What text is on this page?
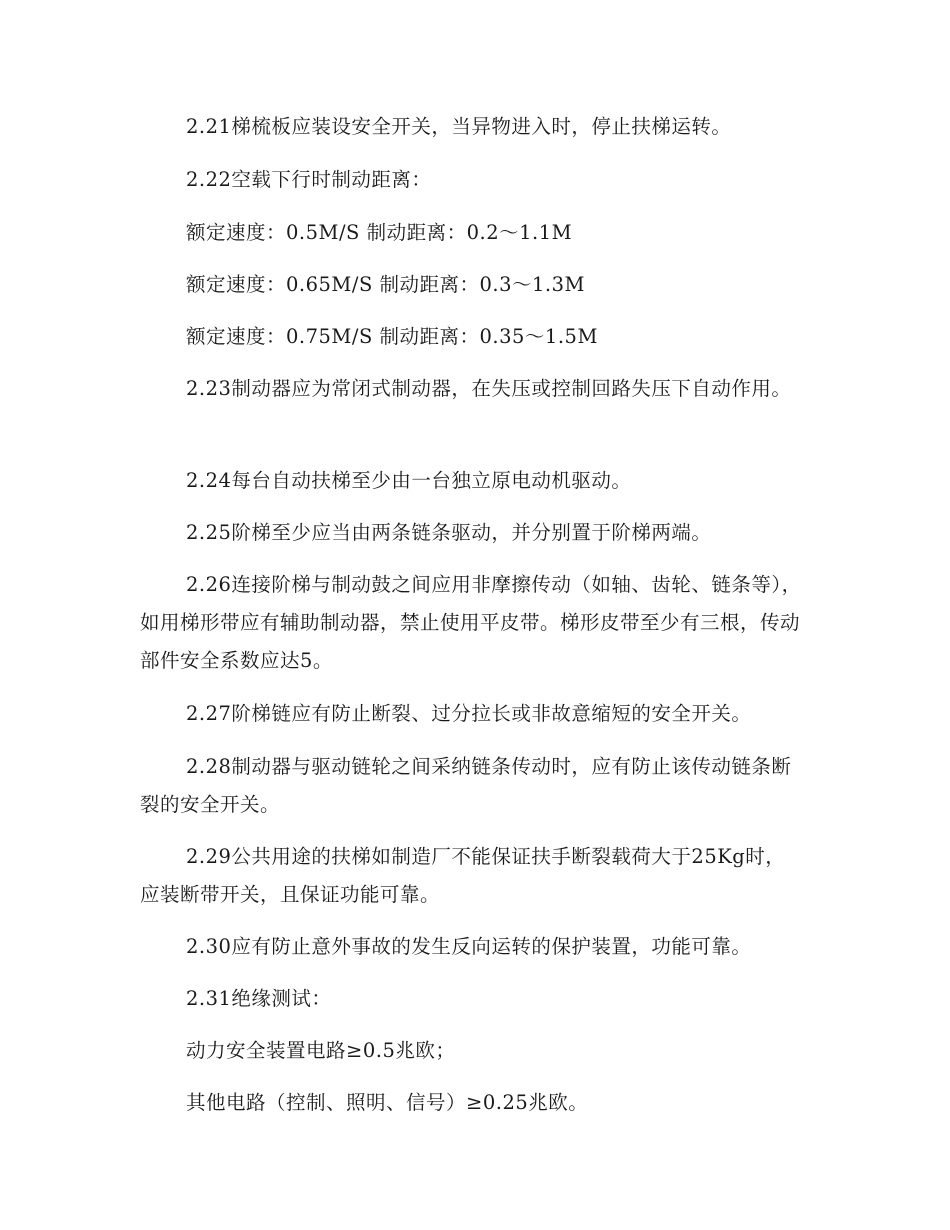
2.21梯梳板应装设安全开关，当异物进入时，停止扶梯运转。

2.22空载下行时制动距离：

额定速度：0.5M/S 制动距离：0.2～1.1M

额定速度：0.65M/S 制动距离：0.3～1.3M

额定速度：0.75M/S 制动距离：0.35～1.5M

2.23制动器应为常闭式制动器，在失压或控制回路失压下自动作用。

2.24每台自动扶梯至少由一台独立原电动机驱动。

2.25阶梯至少应当由两条链条驱动，并分别置于阶梯两端。

2.26连接阶梯与制动鼓之间应用非摩擦传动（如轴、齿轮、链条等），如用梯形带应有辅助制动器，禁止使用平皮带。梯形皮带至少有三根，传动部件安全系数应达5。

2.27阶梯链应有防止断裂、过分拉长或非故意缩短的安全开关。

2.28制动器与驱动链轮之间采纳链条传动时，应有防止该传动链条断裂的安全开关。

2.29公共用途的扶梯如制造厂不能保证扶手断裂载荷大于25Kg时，应装断带开关，且保证功能可靠。

2.30应有防止意外事故的发生反向运转的保护装置，功能可靠。

2.31绝缘测试：

动力安全装置电路≥0.5兆欧；

其他电路（控制、照明、信号）≥0.25兆欧。
